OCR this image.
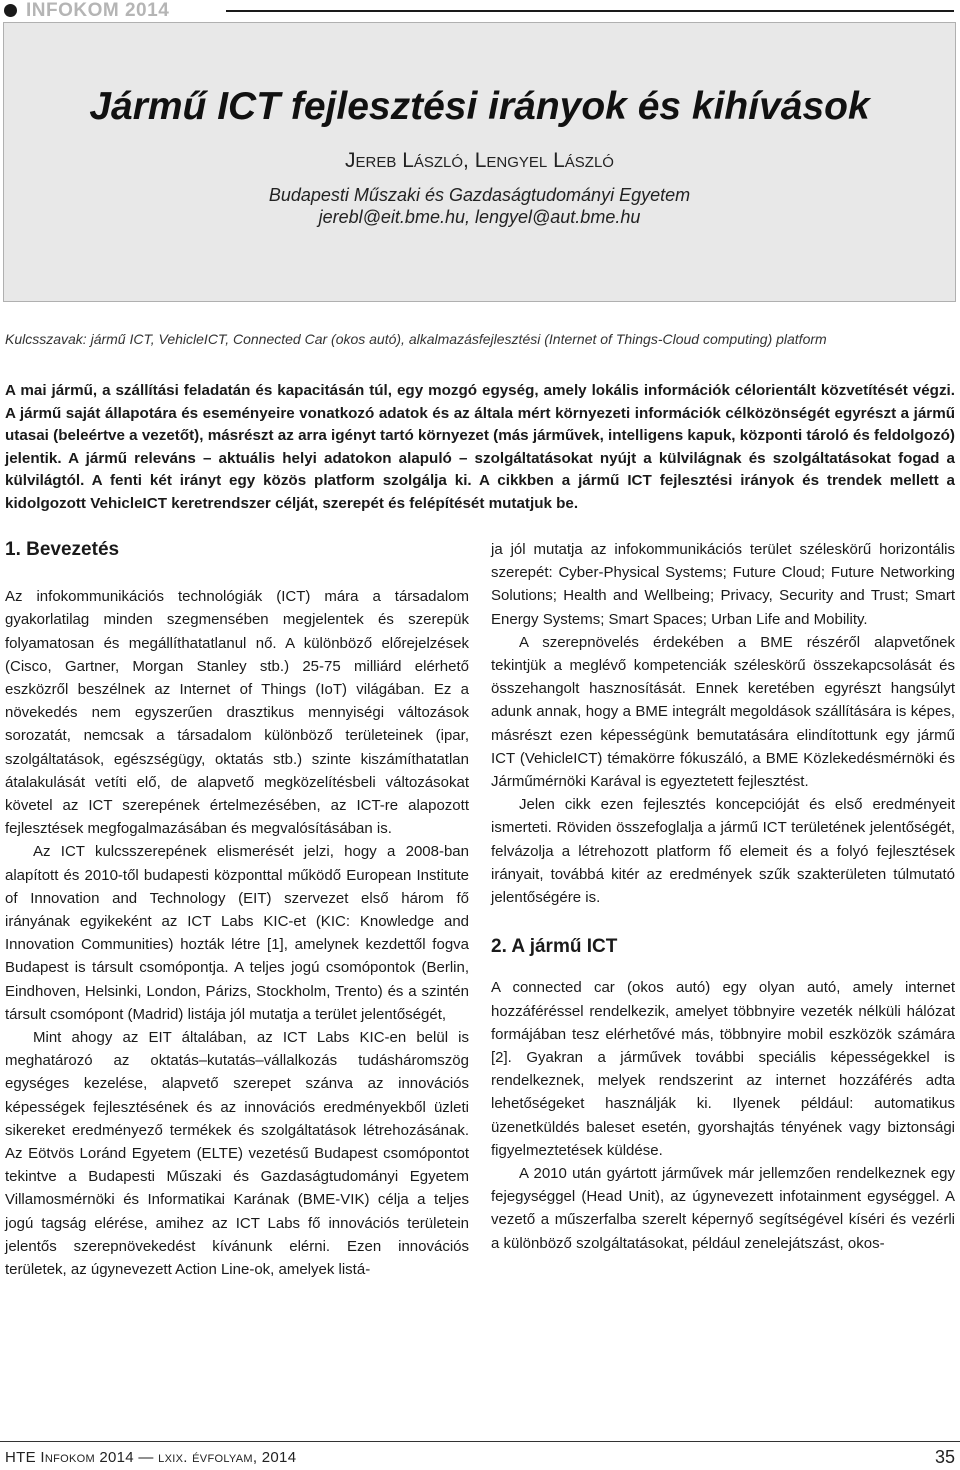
INFOKOM 2014
Jármű ICT fejlesztési irányok és kihívások
Jereb László, Lengyel László
Budapesti Műszaki és Gazdaságtudományi Egyetem
jerebl@eit.bme.hu, lengyel@aut.bme.hu
Kulcsszavak: jármű ICT, VehicleICT, Connected Car (okos autó), alkalmazásfejlesztési (Internet of Things-Cloud computing) platform
A mai jármű, a szállítási feladatán és kapacitásán túl, egy mozgó egység, amely lokális információk célorientált közvetítését végzi. A jármű saját állapotára és eseményeire vonatkozó adatok és az általa mért környezeti információk célközönségét egyrészt a jármű utasai (beleértve a vezetőt), másrészt az arra igényt tartó környezet (más járművek, intelligens kapuk, központi tároló és feldolgozó) jelentik. A jármű releváns – aktuális helyi adatokon alapuló – szolgáltatásokat nyújt a külvilágnak és szolgáltatásokat fogad a külvilágtól. A fenti két irányt egy közös platform szolgálja ki. A cikkben a jármű ICT fejlesztési irányok és trendek mellett a kidolgozott VehicleICT keretrendszer célját, szerepét és felépítését mutatjuk be.
1. Bevezetés

Az infokommunikációs technológiák (ICT) mára a társadalom gyakorlatilag minden szegmensében megjelentek és szerepük folyamatosan és megállíthatatlanul nő. A különböző előrejelzések (Cisco, Gartner, Morgan Stanley stb.) 25-75 milliárd elérhető eszközről beszélnek az Internet of Things (IoT) világában. Ez a növekedés nem egyszerűen drasztikus mennyiségi változások sorozatát, nemcsak a társadalom különböző területeinek (ipar, szolgáltatások, egészségügy, oktatás stb.) szinte kiszámíthatatlan átalakulását vetíti elő, de alapvető megközelítésbeli változásokat követel az ICT szerepének értelmezésében, az ICT-re alapozott fejlesztések megfogalmazásában és megvalósításában is.

Az ICT kulcsszerepének elismerését jelzi, hogy a 2008-ban alapított és 2010-től budapesti központtal működő European Institute of Innovation and Technology (EIT) szervezet első három fő irányának egyikeként az ICT Labs KIC-et (KIC: Knowledge and Innovation Communities) hozták létre [1], amelynek kezdettől fogva Budapest is társult csomópontja. A teljes jogú csomópontok (Berlin, Eindhoven, Helsinki, London, Párizs, Stockholm, Trento) és a szintén társult csomópont (Madrid) listája jól mutatja a terület jelentőségét,

Mint ahogy az EIT általában, az ICT Labs KIC-en belül is meghatározó az oktatás–kutatás–vállalkozás tudásháromszög egységes kezelése, alapvető szerepet szánva az innovációs képességek fejlesztésének és az innovációs eredményekből üzleti sikereket eredményező termékek és szolgáltatások létrehozásának. Az Eötvös Loránd Egyetem (ELTE) vezetésű Budapest csomópontot tekintve a Budapesti Műszaki és Gazdaságtudományi Egyetem Villamosmérnöki és Informatikai Karának (BME-VIK) célja a teljes jogú tagság elérése, amihez az ICT Labs fő innovációs területein jelentős szerepnövekedést kívánunk elérni. Ezen innovációs területek, az úgynevezett Action Line-ok, amelyek listá-

ja jól mutatja az infokommunikációs terület széleskörű horizontális szerepét: Cyber-Physical Systems; Future Cloud; Future Networking Solutions; Health and Wellbeing; Privacy, Security and Trust; Smart Energy Systems; Smart Spaces; Urban Life and Mobility.

A szerepnövelés érdekében a BME részéről alapvetőnek tekintjük a meglévő kompetenciák széleskörű összekapcsolását és összehangolt hasznosítását. Ennek keretében egyrészt hangsúlyt adunk annak, hogy a BME integrált megoldások szállítására is képes, másrészt ezen képességünk bemutatására elindítottunk egy jármű ICT (VehicleICT) témakörre fókuszáló, a BME Közlekedésmérnöki és Járműmérnöki Karával is egyeztetett fejlesztést.

Jelen cikk ezen fejlesztés koncepcióját és első eredményeit ismerteti. Röviden összefoglalja a jármű ICT területének jelentőségét, felvázolja a létrehozott platform fő elemeit és a folyó fejlesztések irányait, továbbá kitér az eredmények szűk szakterületen túlmutató jelentőségére is.

2. A jármű ICT

A connected car (okos autó) egy olyan autó, amely internet hozzáféréssel rendelkezik, amelyet többnyire vezeték nélküli hálózat formájában tesz elérhetővé más, többnyire mobil eszközök számára [2]. Gyakran a járművek további speciális képességekkel is rendelkeznek, melyek rendszerint az internet hozzáférés adta lehetőségeket használják ki. Ilyenek például: automatikus üzenetküldés baleset esetén, gyorshajtás tényének vagy biztonsági figyelmeztetések küldése.

A 2010 után gyártott járművek már jellemzően rendelkeznek egy fejegységgel (Head Unit), az úgynevezett infotainment egységgel. A vezető a műszerfalba szerelt képernyő segítségével kíséri és vezérli a különböző szolgáltatásokat, például zenelejátszást, okos-

HTE Infokom 2014 — lxix. évfolyam, 2014	35
